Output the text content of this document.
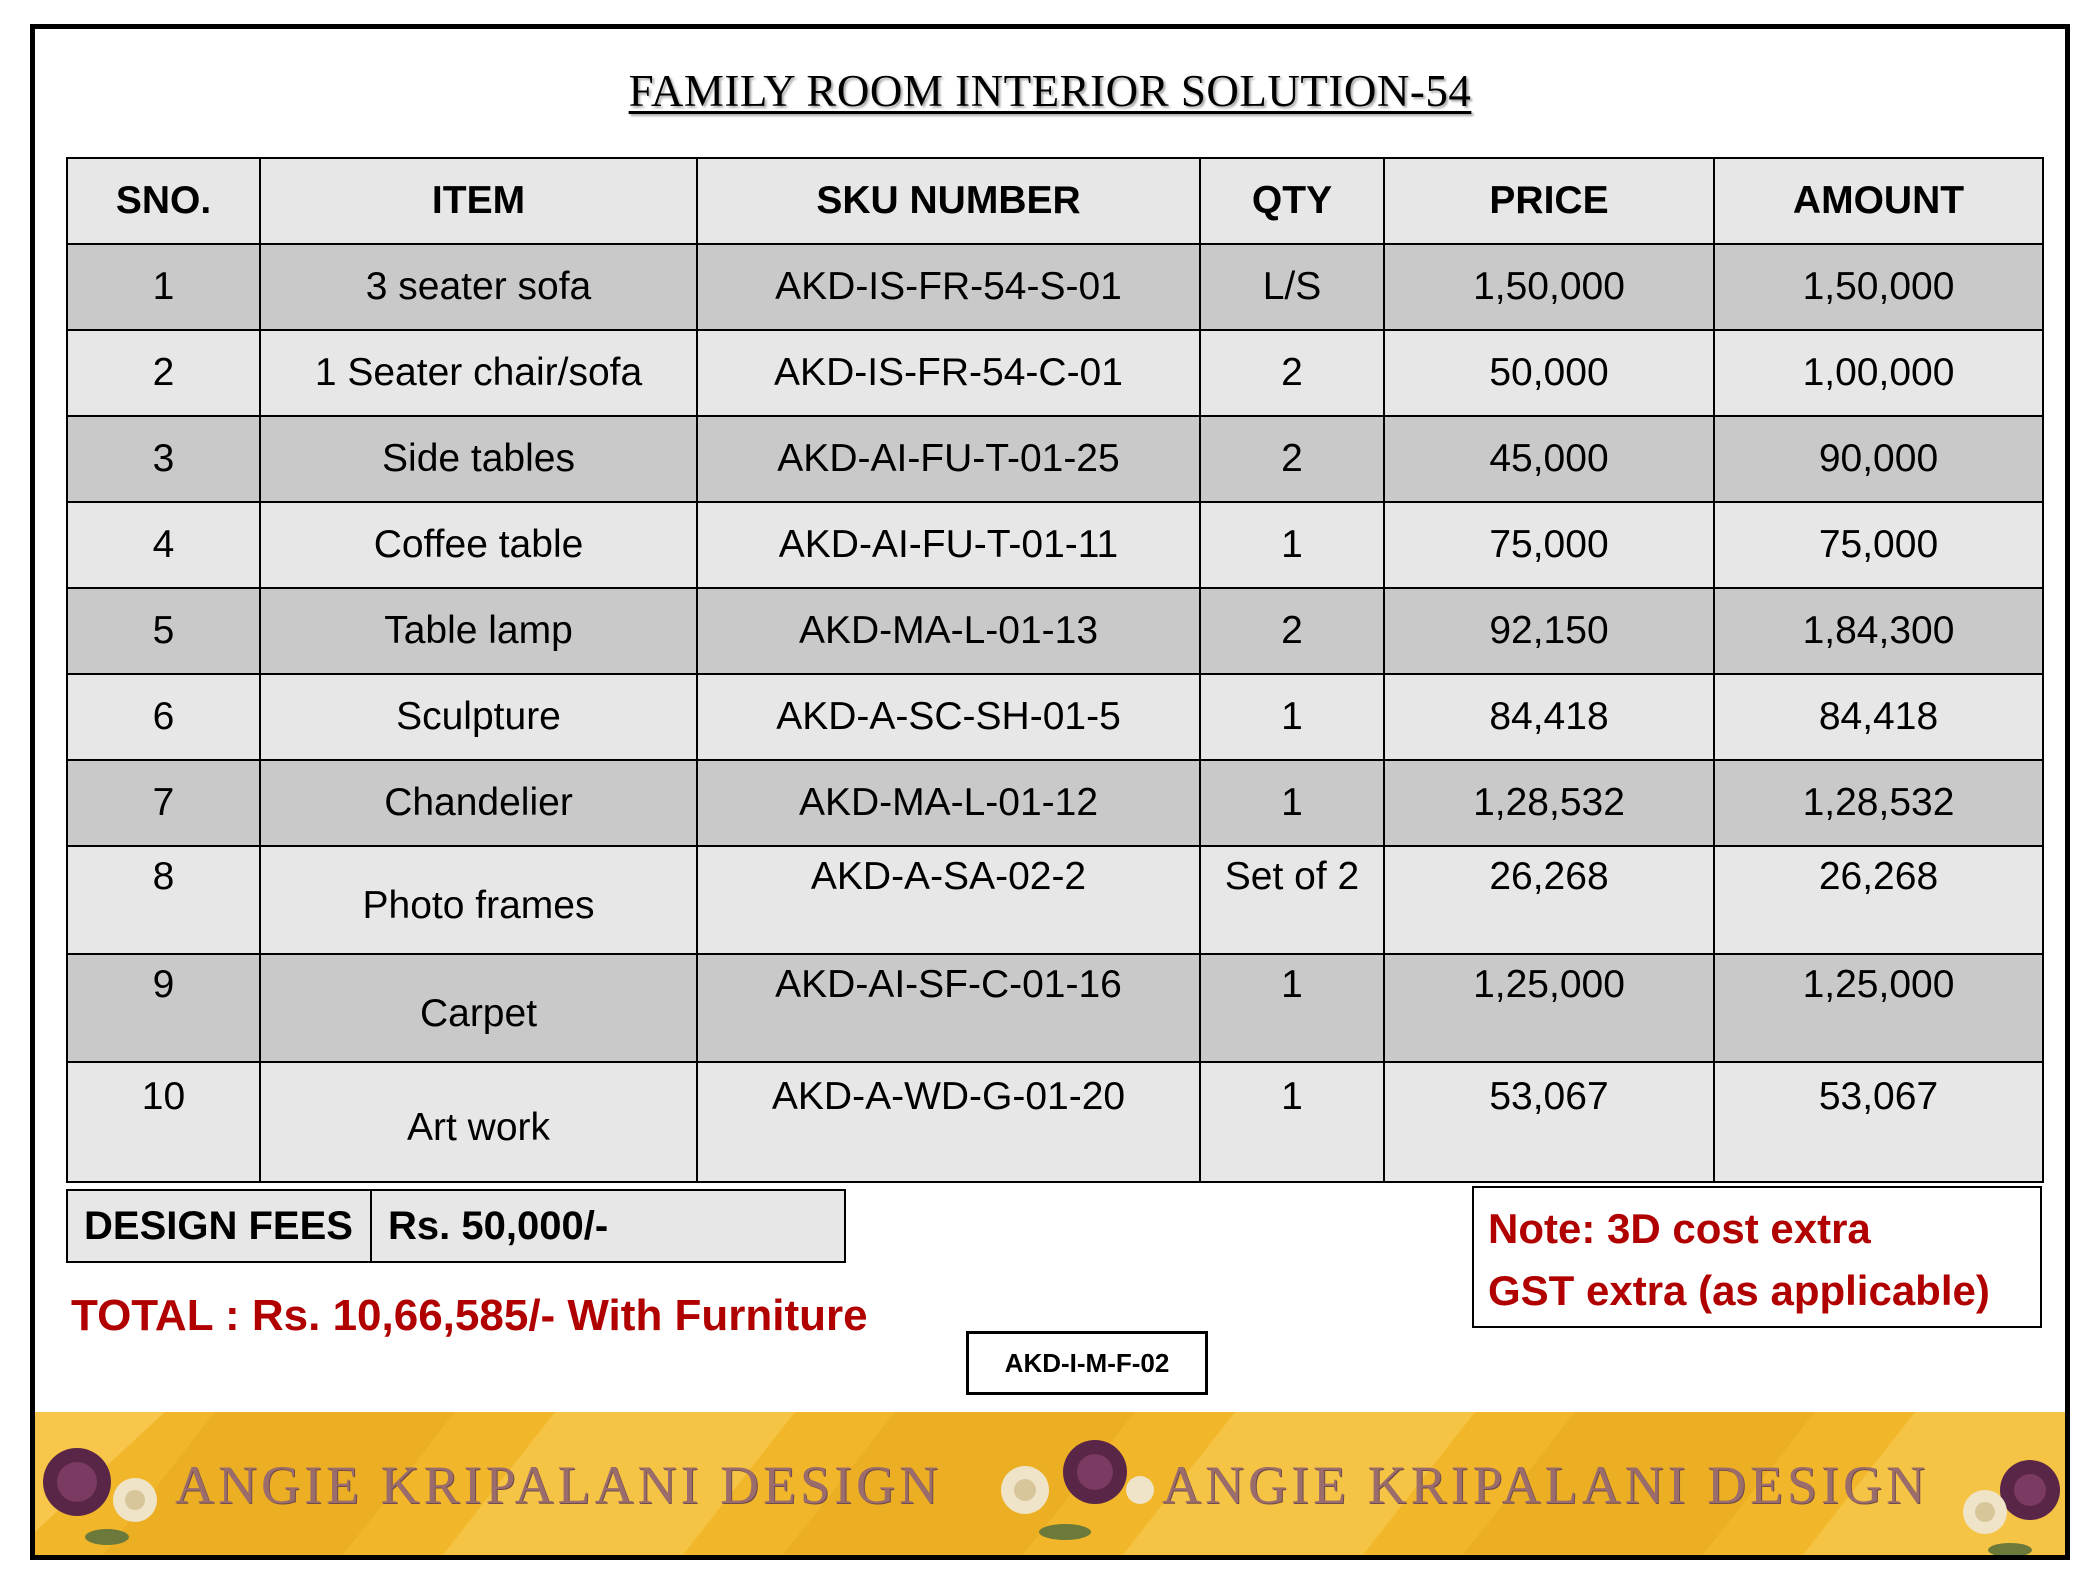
FAMILY ROOM INTERIOR SOLUTION-54
SNO.	ITEM	SKU NUMBER	QTY	PRICE	AMOUNT
1	3 seater sofa	AKD-IS-FR-54-S-01	L/S	1,50,000	1,50,000
2	1 Seater chair/sofa	AKD-IS-FR-54-C-01	2	50,000	1,00,000
3	Side tables	AKD-AI-FU-T-01-25	2	45,000	90,000
4	Coffee table	AKD-AI-FU-T-01-11	1	75,000	75,000
5	Table lamp	AKD-MA-L-01-13	2	92,150	1,84,300
6	Sculpture	AKD-A-SC-SH-01-5	1	84,418	84,418
7	Chandelier	AKD-MA-L-01-12	1	1,28,532	1,28,532
8	Photo frames	AKD-A-SA-02-2	Set of 2	26,268	26,268
9	Carpet	AKD-AI-SF-C-01-16	1	1,25,000	1,25,000
10	Art work	AKD-A-WD-G-01-20	1	53,067	53,067
DESIGN FEES	Rs. 50,000/-
TOTAL : Rs. 10,66,585/- With Furniture
Note: 3D cost extra
GST extra (as applicable)
AKD-I-M-F-02
ANGIE KRIPALANI DESIGN	ANGIE KRIPALANI DESIGN
